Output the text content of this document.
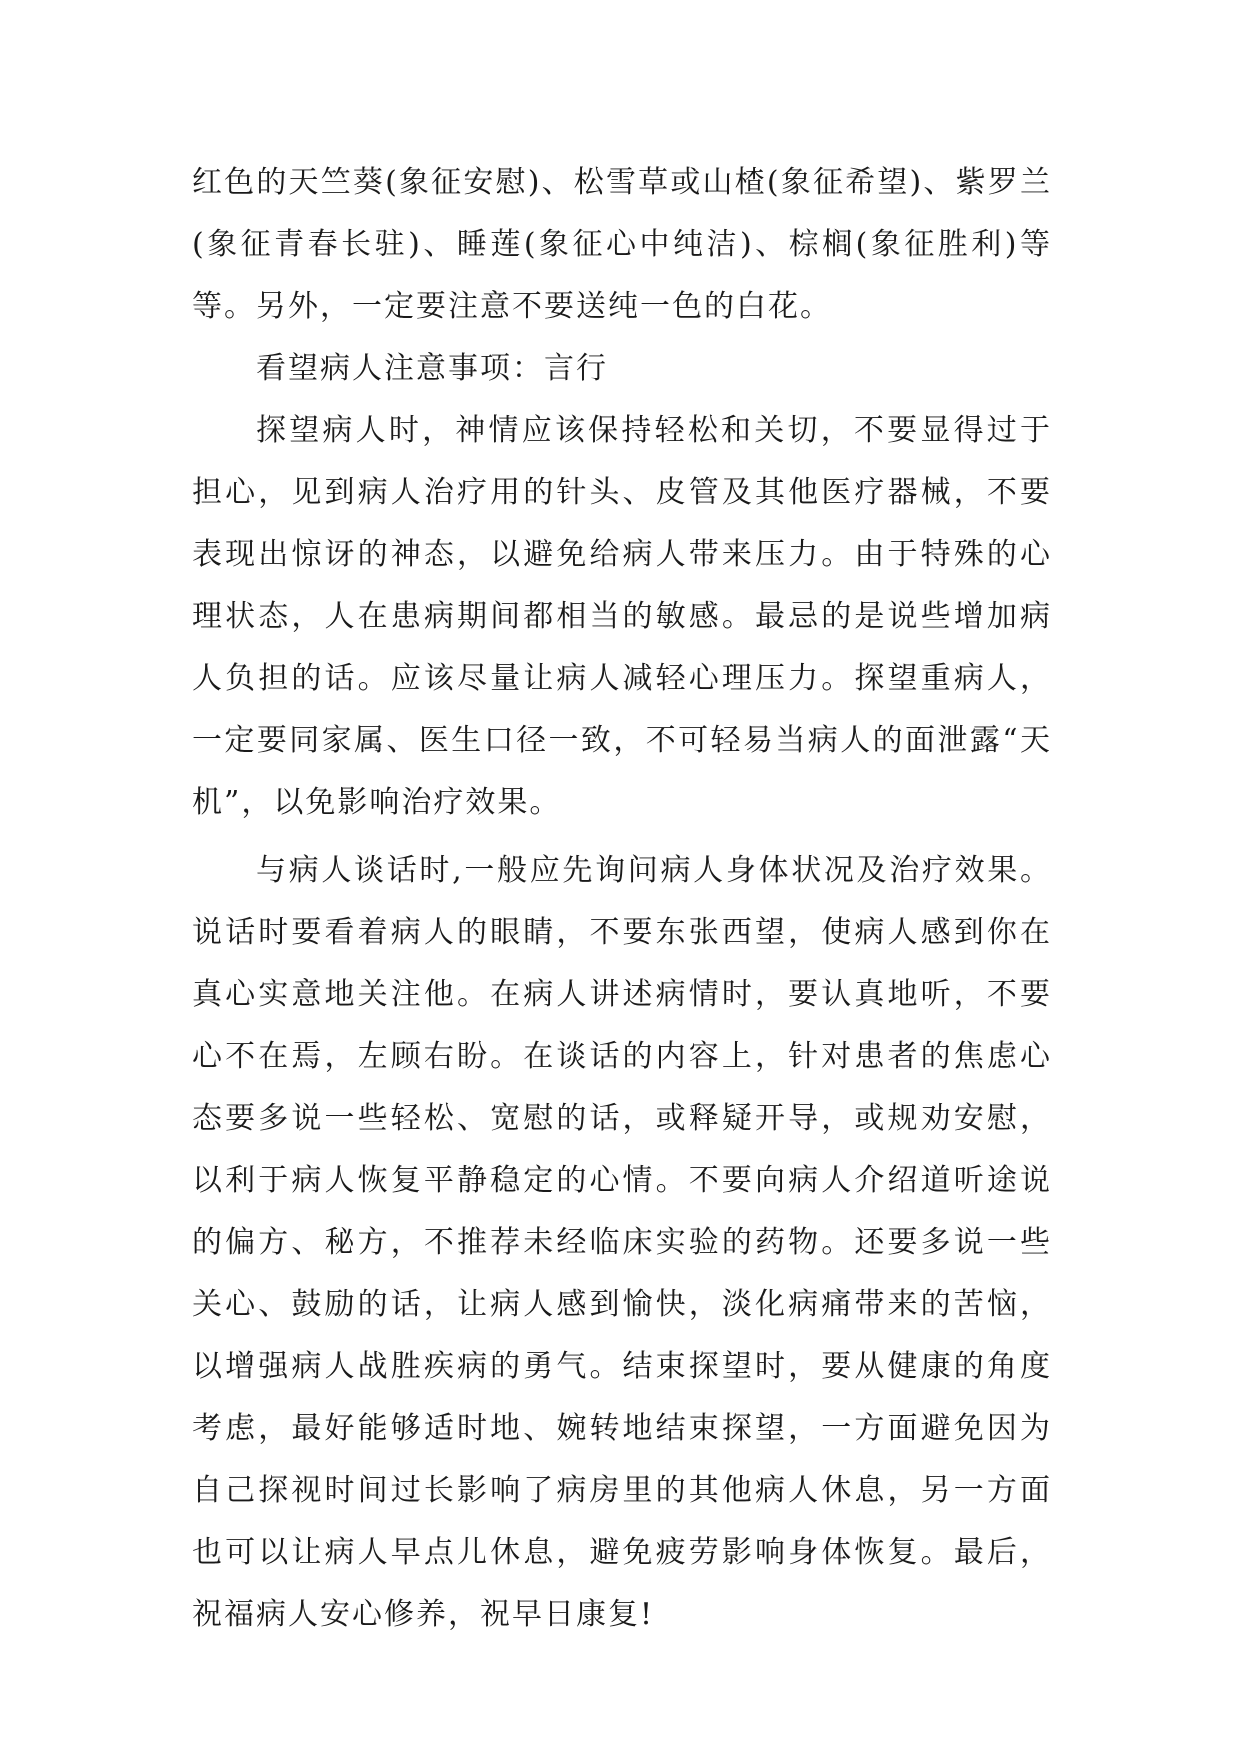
红色的天竺葵(象征安慰)、松雪草或山楂(象征希望)、紫罗兰(象征青春长驻)、睡莲(象征心中纯洁)、棕榈(象征胜利)等等。另外，一定要注意不要送纯一色的白花。

看望病人注意事项：言行

探望病人时，神情应该保持轻松和关切，不要显得过于担心，见到病人治疗用的针头、皮管及其他医疗器械，不要表现出惊讶的神态，以避免给病人带来压力。由于特殊的心理状态，人在患病期间都相当的敏感。最忌的是说些增加病人负担的话。应该尽量让病人减轻心理压力。探望重病人，一定要同家属、医生口径一致，不可轻易当病人的面泄露“天机”，以免影响治疗效果。

与病人谈话时,一般应先询问病人身体状况及治疗效果。说话时要看着病人的眼睛，不要东张西望，使病人感到你在真心实意地关注他。在病人讲述病情时，要认真地听，不要心不在焉，左顾右盼。在谈话的内容上，针对患者的焦虑心态要多说一些轻松、宽慰的话，或释疑开导，或规劝安慰，以利于病人恢复平静稳定的心情。不要向病人介绍道听途说的偏方、秘方，不推荐未经临床实验的药物。还要多说一些关心、鼓励的话，让病人感到愉快，淡化病痛带来的苦恼，以增强病人战胜疾病的勇气。结束探望时，要从健康的角度考虑，最好能够适时地、婉转地结束探望，一方面避免因为自己探视时间过长影响了病房里的其他病人休息，另一方面也可以让病人早点儿休息，避免疲劳影响身体恢复。最后，祝福病人安心修养，祝早日康复!
